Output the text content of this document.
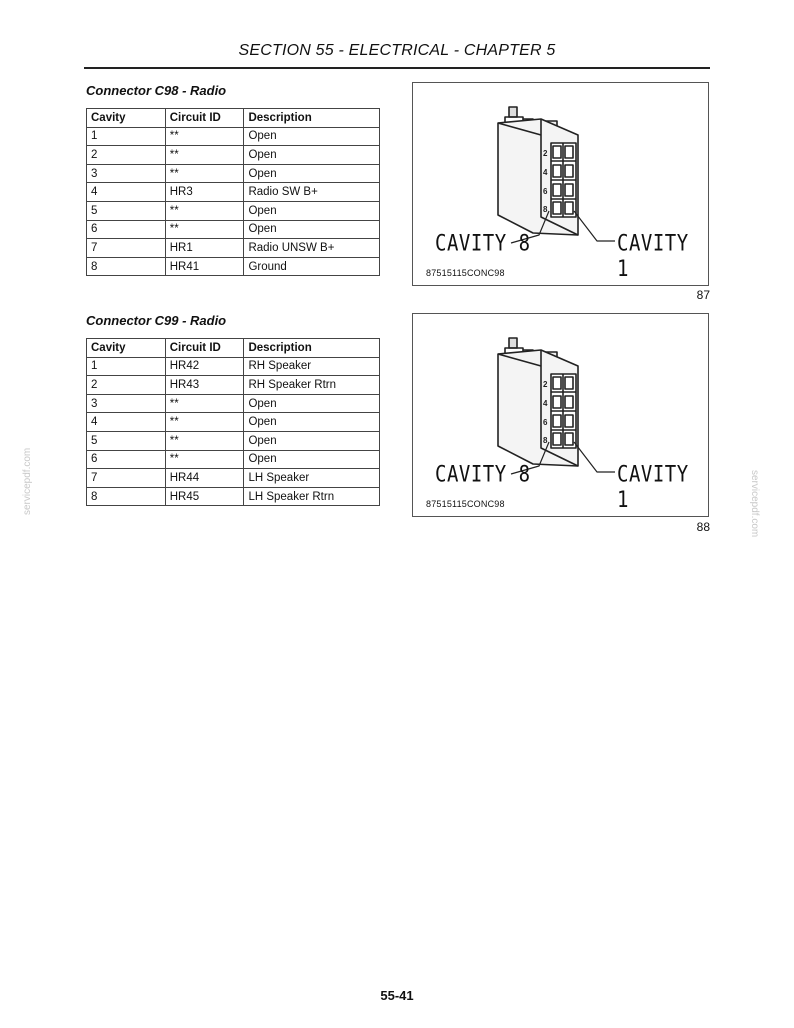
SECTION 55 - ELECTRICAL - CHAPTER 5
Connector C98 - Radio
Cavity	Circuit ID	Description
1	**	Open
2	**	Open
3	**	Open
4	HR3	Radio SW B+
5	**	Open
6	**	Open
7	HR1	Radio UNSW B+
8	HR41	Ground
2
4
6
8
CAVITY 8	CAVITY 1
87515115CONC98
87
Connector C99 - Radio
Cavity	Circuit ID	Description
1	HR42	RH Speaker
2	HR43	RH Speaker Rtrn
3	**	Open
4	**	Open
5	**	Open
6	**	Open
7	HR44	LH Speaker
8	HR45	LH Speaker Rtrn
2
4
6
8
CAVITY 8	CAVITY 1
87515115CONC98
88
servicepdf.com	servicepdf.com
55-41
